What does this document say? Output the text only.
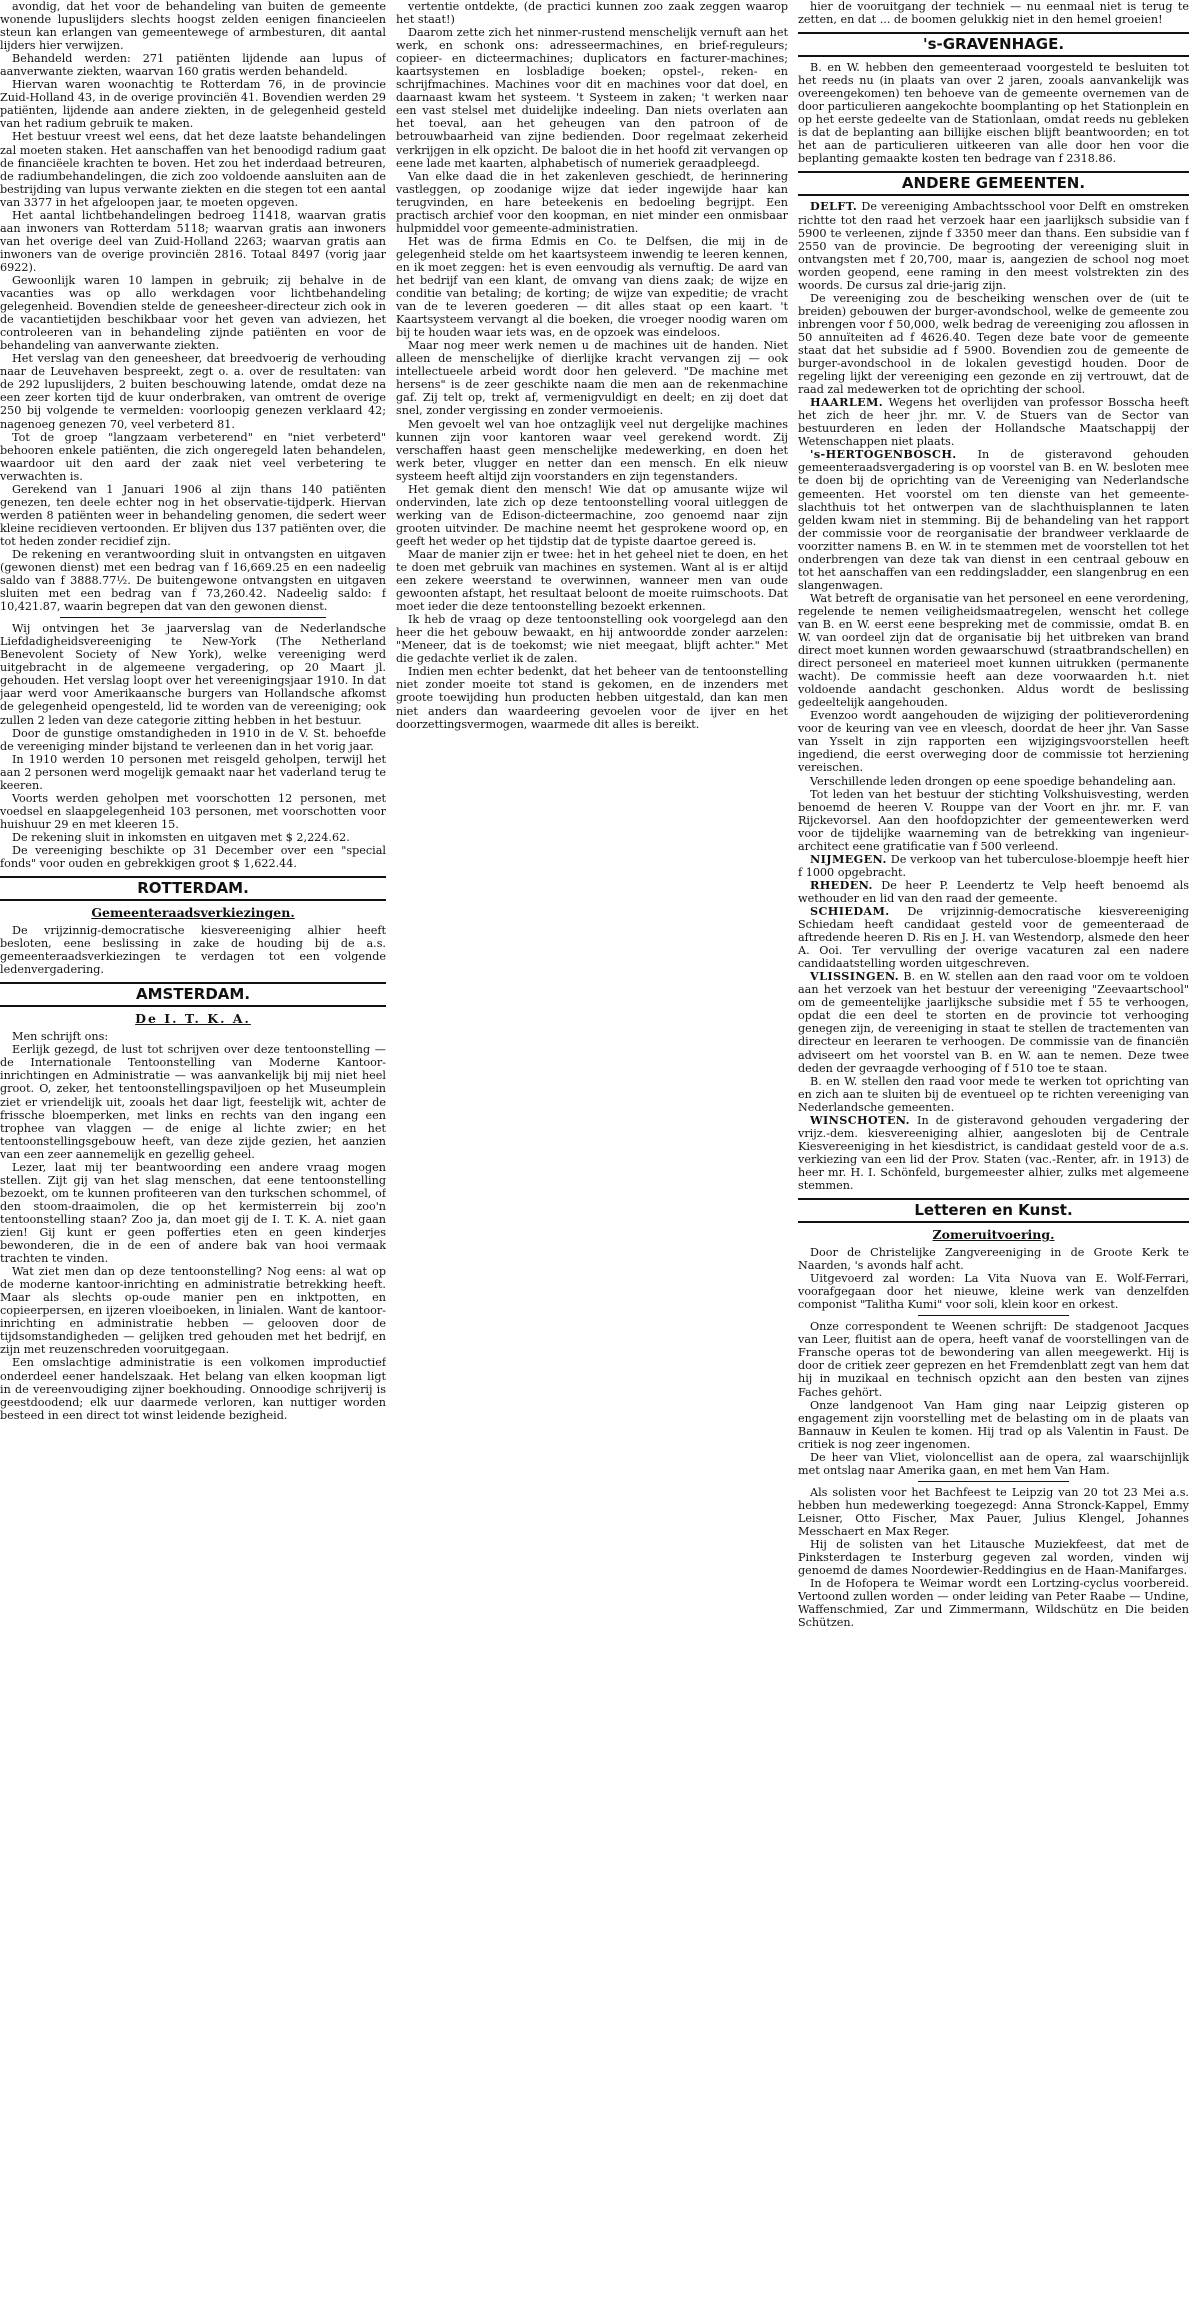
avondig, dat het voor de behandeling van buiten de gemeente wonende lupuslijders slechts hoogst zelden eenigen financieelen steun kan erlangen van gemeentewege of armbesturen, dit aantal lijders hier verwijzen.

Behandeld werden: 271 patiënten lijdende aan lupus of aanverwante ziekten, waarvan 160 gratis werden behandeld.

Hiervan waren woonachtig te Rotterdam 76, in de provincie Zuid-Holland 43, in de overige provinciën 41. Bovendien werden 29 patiënten, lijdende aan andere ziekten, in de gelegenheid gesteld van het radium gebruik te maken.

Het bestuur vreest wel eens, dat het deze laatste behandelingen zal moeten staken. Het aanschaffen van het benoodigd radium gaat de financiëele krachten te boven. Het zou het inderdaad betreuren, de radiumbehandelingen, die zich zoo voldoende aansluiten aan de bestrijding van lupus verwante ziekten en die stegen tot een aantal van 3377 in het afgeloopen jaar, te moeten opgeven.

Het aantal lichtbehandelingen bedroeg 11418, waarvan gratis aan inwoners van Rotterdam 5118; waarvan gratis aan inwoners van het overige deel van Zuid-Holland 2263; waarvan gratis aan inwoners van de overige provinciën 2816. Totaal 8497 (vorig jaar 6922).

Gewoonlijk waren 10 lampen in gebruik; zij behalve in de vacanties was op allo werkdagen voor lichtbehandeling gelegenheid. Bovendien stelde de geneesheer-directeur zich ook in de vacantietijden beschikbaar voor het geven van adviezen, het controleeren van in behandeling zijnde patiënten en voor de behandeling van aanverwante ziekten.

Het verslag van den geneesheer, dat breedvoerig de verhouding naar de Leuvehaven bespreekt, zegt o. a. over de resultaten: van de 292 lupuslijders, 2 buiten beschouwing latende, omdat deze na een zeer korten tijd de kuur onderbraken, van omtrent de overige 250 bij volgende te vermelden: voorloopig genezen verklaard 42; nagenoeg genezen 70, veel verbeterd 81.

Tot de groep "langzaam verbeterend" en "niet verbeterd" behooren enkele patiënten, die zich ongeregeld laten behandelen, waardoor uit den aard der zaak niet veel verbetering te verwachten is.

Gerekend van 1 Januari 1906 al zijn thans 140 patiënten genezen, ten deele echter nog in het observatie-tijdperk. Hiervan werden 8 patiënten weer in behandeling genomen, die sedert weer kleine recidieven vertoonden. Er blijven dus 137 patiënten over, die tot heden zonder recidief zijn.

De rekening en verantwoording sluit in ontvangsten en uitgaven (gewonen dienst) met een bedrag van f 16,669.25 en een nadeelig saldo van f 3888.77½. De buitengewone ontvangsten en uitgaven sluiten met een bedrag van f 73,260.42. Nadeelig saldo: f 10,421.87, waarin begrepen dat van den gewonen dienst.

Wij ontvingen het 3e jaarverslag van de Nederlandsche Liefdadigheidsvereeniging te New-York (The Netherland Benevolent Society of New York), welke vereeniging werd uitgebracht in de algemeene vergadering, op 20 Maart jl. gehouden. Het verslag loopt over het vereenigingsjaar 1910. In dat jaar werd voor Amerikaansche burgers van Hollandsche afkomst de gelegenheid opengesteld, lid te worden van de vereeniging; ook zullen 2 leden van deze categorie zitting hebben in het bestuur.

Door de gunstige omstandigheden in 1910 in de V. St. behoefde de vereeniging minder bijstand te verleenen dan in het vorig jaar.

In 1910 werden 10 personen met reisgeld geholpen, terwijl het aan 2 personen werd mogelijk gemaakt naar het vaderland terug te keeren.

Voorts werden geholpen met voorschotten 12 personen, met voedsel en slaapgelegenheid 103 personen, met voorschotten voor huishuur 29 en met kleeren 15.

De rekening sluit in inkomsten en uitgaven met $ 2,224.62.

De vereeniging beschikte op 31 December over een "special fonds" voor ouden en gebrekkigen groot $ 1,622.44.

ROTTERDAM.
Gemeenteraadsverkiezingen.

De vrijzinnig-democratische kiesvereeniging alhier heeft besloten, eene beslissing in zake de houding bij de a.s. gemeenteraadsverkiezingen te verdagen tot een volgende ledenvergadering.

AMSTERDAM.
De I. T. K. A.

Men schrijft ons:

Eerlijk gezegd, de lust tot schrijven over deze tentoonstelling — de Internationale Tentoonstelling van Moderne Kantoor-inrichtingen en Administratie — was aanvankelijk bij mij niet heel groot. O, zeker, het tentoonstellingspaviljoen op het Museumplein ziet er vriendelijk uit, zooals het daar ligt, feestelijk wit, achter de frissche bloemperken, met links en rechts van den ingang een trophee van vlaggen — de enige al lichte zwier; en het tentoonstellingsgebouw heeft, van deze zijde gezien, het aanzien van een zeer aannemelijk en gezellig geheel.

Lezer, laat mij ter beantwoording een andere vraag mogen stellen. Zijt gij van het slag menschen, dat eene tentoonstelling bezoekt, om te kunnen profiteeren van den turkschen schommel, of den stoom-draaimolen, die op het kermisterrein bij zoo'n tentoonstelling staan? Zoo ja, dan moet gij de I. T. K. A. niet gaan zien! Gij kunt er geen pofferties eten en geen kinderjes bewonderen, die in de een of andere bak van hooi vermaak trachten te vinden.

Wat ziet men dan op deze tentoonstelling? Nog eens: al wat op de moderne kantoor-inrichting en administratie betrekking heeft. Maar als slechts op-oude manier pen en inktpotten, en copieerpersen, en ijzeren vloeiboeken, in linialen. Want de kantoor-inrichting en administratie hebben — gelooven door de tijdsomstandigheden — gelijken tred gehouden met het bedrijf, en zijn met reuzenschreden vooruitgegaan.

Een omslachtige administratie is een volkomen improductief onderdeel eener handelszaak. Het belang van elken koopman ligt in de vereenvoudiging zijner boekhouding. Onnoodige schrijverij is geestdoodend; elk uur daarmede verloren, kan nuttiger worden besteed in een direct tot winst leidende bezigheid.

vertentie ontdekte, (de practici kunnen zoo zaak zeggen waarop het staat!)

Daarom zette zich het ninmer-rustend menschelijk vernuft aan het werk, en schonk ons: adresseermachines, en brief-reguleurs; copieer- en dicteermachines; duplicators en facturer-machines; kaartsystemen en losbladige boeken; opstel-, reken- en schrijfmachines. Machines voor dit en machines voor dat doel, en daarnaast kwam het systeem. 't Systeem in zaken; 't werken naar een vast stelsel met duidelijke indeeling. Dan niets overlaten aan het toeval, aan het geheugen van den patroon of de betrouwbaarheid van zijne bedienden. Door regelmaat zekerheid verkrijgen in elk opzicht. De baloot die in het hoofd zit vervangen op eene lade met kaarten, alphabetisch of numeriek geraadpleegd.

Van elke daad die in het zakenleven geschiedt, de herinnering vastleggen, op zoodanige wijze dat ieder ingewijde haar kan terugvinden, en hare beteekenis en bedoeling begrijpt. Een practisch archief voor den koopman, en niet minder een onmisbaar hulpmiddel voor gemeente-administratien.

Het was de firma Edmis en Co. te Delfsen, die mij in de gelegenheid stelde om het kaartsysteem inwendig te leeren kennen, en ik moet zeggen: het is even eenvoudig als vernuftig. De aard van het bedrijf van een klant, de omvang van diens zaak; de wijze en conditie van betaling; de korting; de wijze van expeditie; de vracht van de te leveren goederen — dit alles staat op een kaart. 't Kaartsysteem vervangt al die boeken, die vroeger noodig waren om bij te houden waar iets was, en de opzoek was eindeloos.

Maar nog meer werk nemen u de machines uit de handen. Niet alleen de menschelijke of dierlijke kracht vervangen zij — ook intellectueele arbeid wordt door hen geleverd. "De machine met hersens" is de zeer geschikte naam die men aan de rekenmachine gaf. Zij telt op, trekt af, vermenigvuldigt en deelt; en zij doet dat snel, zonder vergissing en zonder vermoeienis.

Men gevoelt wel van hoe ontzaglijk veel nut dergelijke machines kunnen zijn voor kantoren waar veel gerekend wordt. Zij verschaffen haast geen menschelijke medewerking, en doen het werk beter, vlugger en netter dan een mensch. En elk nieuw systeem heeft altijd zijn voorstanders en zijn tegenstanders.

Het gemak dient den mensch! Wie dat op amusante wijze wil ondervinden, late zich op deze tentoonstelling vooral uitleggen de werking van de Edison-dicteermachine, zoo genoemd naar zijn grooten uitvinder. De machine neemt het gesprokene woord op, en geeft het weder op het tijdstip dat de typiste daartoe gereed is.

Maar de manier zijn er twee: het in het geheel niet te doen, en het te doen met gebruik van machines en systemen. Want al is er altijd een zekere weerstand te overwinnen, wanneer men van oude gewoonten afstapt, het resultaat beloont de moeite ruimschoots. Dat moet ieder die deze tentoonstelling bezoekt erkennen.

Ik heb de vraag op deze tentoonstelling ook voorgelegd aan den heer die het gebouw bewaakt, en hij antwoordde zonder aarzelen: "Meneer, dat is de toekomst; wie niet meegaat, blijft achter." Met die gedachte verliet ik de zalen.

Indien men echter bedenkt, dat het beheer van de tentoonstelling niet zonder moeite tot stand is gekomen, en de inzenders met groote toewijding hun producten hebben uitgestald, dan kan men niet anders dan waardeering gevoelen voor de ijver en het doorzettingsvermogen, waarmede dit alles is bereikt.

hier de vooruitgang der techniek — nu eenmaal niet is terug te zetten, en dat ... de boomen gelukkig niet in den hemel groeien!

's-GRAVENHAGE.

B. en W. hebben den gemeenteraad voorgesteld te besluiten tot het reeds nu (in plaats van over 2 jaren, zooals aanvankelijk was overeengekomen) ten behoeve van de gemeente overnemen van de door particulieren aangekochte boomplanting op het Stationplein en op het eerste gedeelte van de Stationlaan, omdat reeds nu gebleken is dat de beplanting aan billijke eischen blijft beantwoorden; en tot het aan de particulieren uitkeeren van alle door hen voor die beplanting gemaakte kosten ten bedrage van f 2318.86.

ANDERE GEMEENTEN.

DELFT. De vereeniging Ambachtsschool voor Delft en omstreken richtte tot den raad het verzoek haar een jaarlijksch subsidie van f 5900 te verleenen, zijnde f 3350 meer dan thans. Een subsidie van f 2550 van de provincie. De begrooting der vereeniging sluit in ontvangsten met f 20,700, maar is, aangezien de school nog moet worden geopend, eene raming in den meest volstrekten zin des woords. De cursus zal drie-jarig zijn.

De vereeniging zou de bescheiking wenschen over de (uit te breiden) gebouwen der burger-avondschool, welke de gemeente zou inbrengen voor f 50,000, welk bedrag de vereeniging zou aflossen in 50 annuïteiten ad f 4626.40. Tegen deze bate voor de gemeente staat dat het subsidie ad f 5900. Bovendien zou de gemeente de burger-avondschool in de lokalen gevestigd houden. Door de regeling lijkt der vereeniging een gezonde en zij vertrouwt, dat de raad zal medewerken tot de oprichting der school.

HAARLEM. Wegens het overlijden van professor Bosscha heeft het zich de heer jhr. mr. V. de Stuers van de Sector van bestuurderen en leden der Hollandsche Maatschappij der Wetenschappen niet plaats.

's-HERTOGENBOSCH. In de gisteravond gehouden gemeenteraadsvergadering is op voorstel van B. en W. besloten mee te doen bij de oprichting van de Vereeniging van Nederlandsche gemeenten. Het voorstel om ten dienste van het gemeente-slachthuis tot het ontwerpen van de slachthuisplannen te laten gelden kwam niet in stemming. Bij de behandeling van het rapport der commissie voor de reorganisatie der brandweer verklaarde de voorzitter namens B. en W. in te stemmen met de voorstellen tot het onderbrengen van deze tak van dienst in een centraal gebouw en tot het aanschaffen van een reddingsladder, een slangenbrug en een slangenwagen.

Wat betreft de organisatie van het personeel en eene verordening, regelende te nemen veiligheidsmaatregelen, wenscht het college van B. en W. eerst eene bespreking met de commissie, omdat B. en W. van oordeel zijn dat de organisatie bij het uitbreken van brand direct moet kunnen worden gewaarschuwd (straatbrandschellen) en direct personeel en materieel moet kunnen uitrukken (permanente wacht). De commissie heeft aan deze voorwaarden h.t. niet voldoende aandacht geschonken. Aldus wordt de beslissing gedeeltelijk aangehouden.

Evenzoo wordt aangehouden de wijziging der politieverordening voor de keuring van vee en vleesch, doordat de heer jhr. Van Sasse van Ysselt in zijn rapporten een wijzigingsvoorstellen heeft ingediend, die eerst overweging door de commissie tot herziening vereischen.

Verschillende leden drongen op eene spoedige behandeling aan.

Tot leden van het bestuur der stichting Volkshuisvesting, werden benoemd de heeren V. Rouppe van der Voort en jhr. mr. F. van Rijckevorsel. Aan den hoofdopzichter der gemeentewerken werd voor de tijdelijke waarneming van de betrekking van ingenieur-architect eene gratificatie van f 500 verleend.

NIJMEGEN. De verkoop van het tuberculose-bloempje heeft hier f 1000 opgebracht.

RHEDEN. De heer P. Leendertz te Velp heeft benoemd als wethouder en lid van den raad der gemeente.

SCHIEDAM. De vrijzinnig-democratische kiesvereeniging Schiedam heeft candidaat gesteld voor de gemeenteraad de aftredende heeren D. Ris en J. H. van Westendorp, alsmede den heer A. Ooi. Ter vervulling der overige vacaturen zal een nadere candidaatstelling worden uitgeschreven.

VLISSINGEN. B. en W. stellen aan den raad voor om te voldoen aan het verzoek van het bestuur der vereeniging "Zeevaartschool" om de gemeentelijke jaarlijksche subsidie met f 55 te verhoogen, opdat die een deel te storten en de provincie tot verhooging genegen zijn, de vereeniging in staat te stellen de tractementen van directeur en leeraren te verhoogen. De commissie van de financiën adviseert om het voorstel van B. en W. aan te nemen. Deze twee deden der gevraagde verhooging of f 510 toe te staan.

B. en W. stellen den raad voor mede te werken tot oprichting van en zich aan te sluiten bij de eventueel op te richten vereeniging van Nederlandsche gemeenten.

WINSCHOTEN. In de gisteravond gehouden vergadering der vrijz.-dem. kiesvereeniging alhier, aangesloten bij de Centrale Kiesvereeniging in het kiesdistrict, is candidaat gesteld voor de a.s. verkiezing van een lid der Prov. Staten (vac.-Renter, afr. in 1913) de heer mr. H. I. Schönfeld, burgemeester alhier, zulks met algemeene stemmen.

Letteren en Kunst.
Zomeruitvoering.

Door de Christelijke Zangvereeniging in de Groote Kerk te Naarden, 's avonds half acht.

Uitgevoerd zal worden: La Vita Nuova van E. Wolf-Ferrari, voorafgegaan door het nieuwe, kleine werk van denzelfden componist "Talitha Kumi" voor soli, klein koor en orkest.

Onze correspondent te Weenen schrijft: De stadgenoot Jacques van Leer, fluitist aan de opera, heeft vanaf de voorstellingen van de Fransche operas tot de bewondering van allen meegewerkt. Hij is door de critiek zeer geprezen en het Fremdenblatt zegt van hem dat hij in muzikaal en technisch opzicht aan den besten van zijnes Faches gehört.

Onze landgenoot Van Ham ging naar Leipzig gisteren op engagement zijn voorstelling met de belasting om in de plaats van Bannauw in Keulen te komen. Hij trad op als Valentin in Faust. De critiek is nog zeer ingenomen.

De heer van Vliet, violoncellist aan de opera, zal waarschijnlijk met ontslag naar Amerika gaan, en met hem Van Ham.

Als solisten voor het Bachfeest te Leipzig van 20 tot 23 Mei a.s. hebben hun medewerking toegezegd: Anna Stronck-Kappel, Emmy Leisner, Otto Fischer, Max Pauer, Julius Klengel, Johannes Messchaert en Max Reger.

Hij de solisten van het Litausche Muziekfeest, dat met de Pinksterdagen te Insterburg gegeven zal worden, vinden wij genoemd de dames Noordewier-Reddingius en de Haan-Manifarges.

In de Hofopera te Weimar wordt een Lortzing-cyclus voorbereid. Vertoond zullen worden — onder leiding van Peter Raabe — Undine, Waffenschmied, Zar und Zimmermann, Wildschütz en Die beiden Schützen.
